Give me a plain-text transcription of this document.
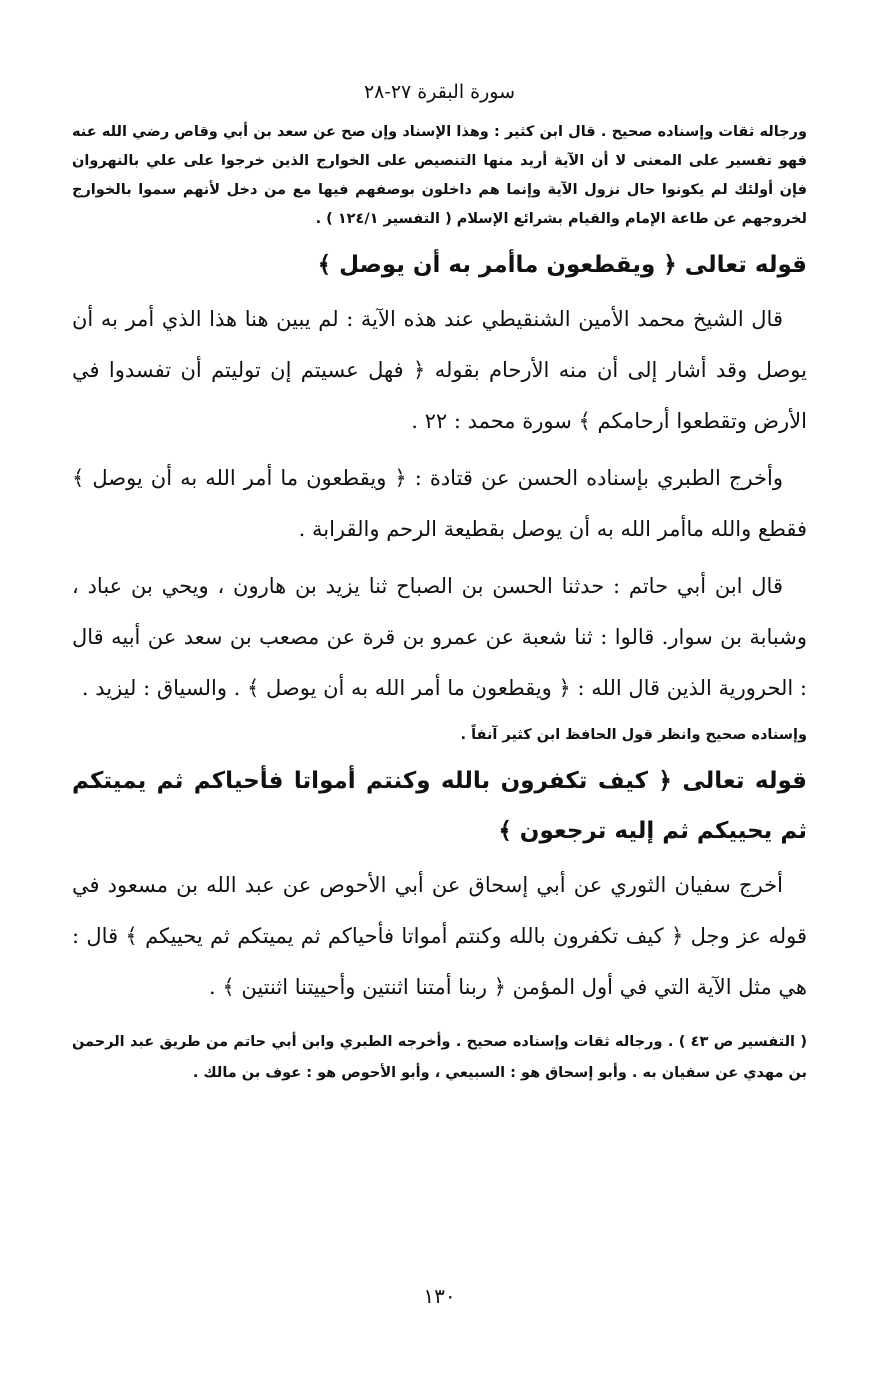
سورة البقرة ٢٧-٢٨

ورجاله ثقات وإسناده صحيح . قال ابن كثير : وهذا الإسناد وإن صح عن سعد بن أبي وقاص رضي الله عنه فهو تفسير على المعنى لا أن الآية أريد منها التنصيص على الخوارج الذين خرجوا على علي بالنهروان فإن أولئك لم يكونوا حال نزول الآية وإنما هم داخلون بوصفهم فيها مع من دخل لأنهم سموا بالخوارج لخروجهم عن طاعة الإمام والقيام بشرائع الإسلام ( التفسير ١٢٤/١ ) .

قوله تعالى ﴿ ويقطعون ماأمر به أن يوصل ﴾

قال الشيخ محمد الأمين الشنقيطي عند هذه الآية : لم يبين هنا هذا الذي أمر به أن يوصل وقد أشار إلى أن منه الأرحام بقوله ﴿ فهل عسيتم إن توليتم أن تفسدوا في الأرض وتقطعوا أرحامكم ﴾ سورة محمد : ٢٢ .

وأخرج الطبري بإسناده الحسن عن قتادة : ﴿ ويقطعون ما أمر الله به أن يوصل ﴾ فقطع والله ماأمر الله به أن يوصل بقطيعة الرحم والقرابة .

قال ابن أبي حاتم : حدثنا الحسن بن الصباح ثنا يزيد بن هارون ، ويحي بن عباد ، وشبابة بن سوار. قالوا : ثنا شعبة عن عمرو بن قرة عن مصعب بن سعد عن أبيه قال : الحرورية الذين قال الله : ﴿ ويقطعون ما أمر الله به أن يوصل ﴾ . والسياق : ليزيد .

وإسناده صحيح وانظر قول الحافظ ابن كثير آنفاً .

قوله تعالى ﴿ كيف تكفرون بالله وكنتم أمواتا فأحياكم ثم يميتكم ثم يحييكم ثم إليه ترجعون ﴾

أخرج سفيان الثوري عن أبي إسحاق عن أبي الأحوص عن عبد الله بن مسعود في قوله عز وجل ﴿ كيف تكفرون بالله وكنتم أمواتا فأحياكم ثم يميتكم ثم يحييكم ﴾ قال : هي مثل الآية التي في أول المؤمن ﴿ ربنا أمتنا اثنتين وأحييتنا اثنتين ﴾ .

( التفسير ص ٤٣ ) . ورجاله ثقات وإسناده صحيح . وأخرجه الطبري وابن أبي حاتم من طريق عبد الرحمن بن مهدي عن سفيان به . وأبو إسحاق هو : السبيعي ، وأبو الأحوص هو : عوف بن مالك .

١٣٠
